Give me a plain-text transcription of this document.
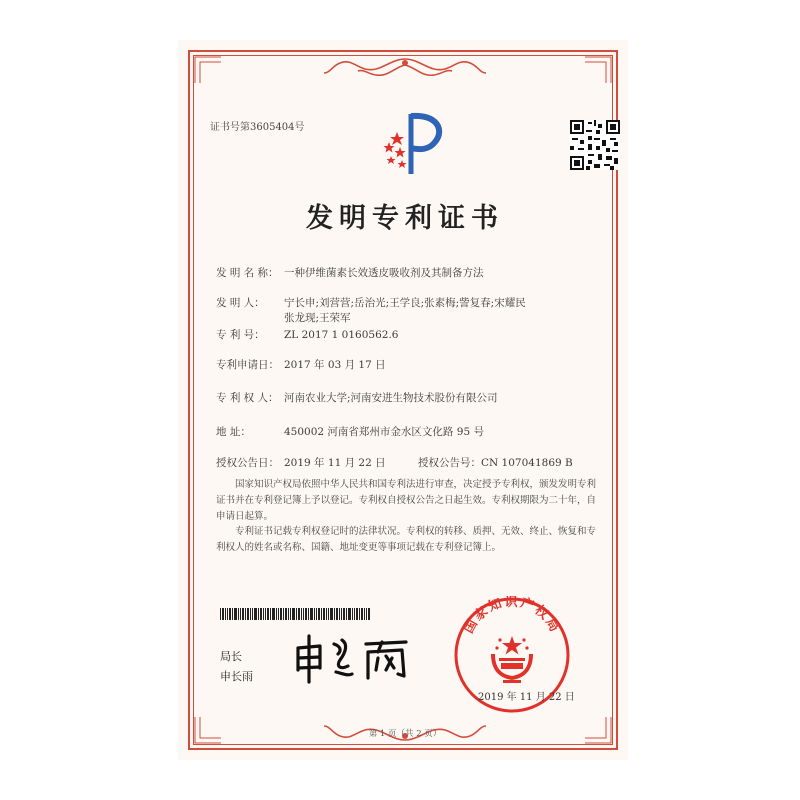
证书号第3605404号
发明专利证书
发 明 名 称： 一种伊维菌素长效透皮吸收剂及其制备方法
发 明 人： 宁长申;刘营营;岳治光;王学良;张素梅;訾复春;宋耀民
张龙现;王荣军
专 利 号： ZL 2017 1 0160562.6
专利申请日： 2017 年 03 月 17 日
专 利 权 人： 河南农业大学;河南安进生物技术股份有限公司
地 址：	450002 河南省郑州市金水区文化路 95 号
授权公告日： 2019 年 11 月 22 日	授权公告号：CN 107041869 B
国家知识产权局依照中华人民共和国专利法进行审查，决定授予专利权，颁发发明专利
证书并在专利登记簿上予以登记。专利权自授权公告之日起生效。专利权期限为二十年，自
申请日起算。
专利证书记载专利权登记时的法律状况。专利权的转移、质押、无效、终止、恢复和专
利权人的姓名或名称、国籍、地址变更等事项记载在专利登记簿上。
局长
申长雨
国家知识产权局
2019 年 11 月 22 日
第 1 页（共 2 页）
